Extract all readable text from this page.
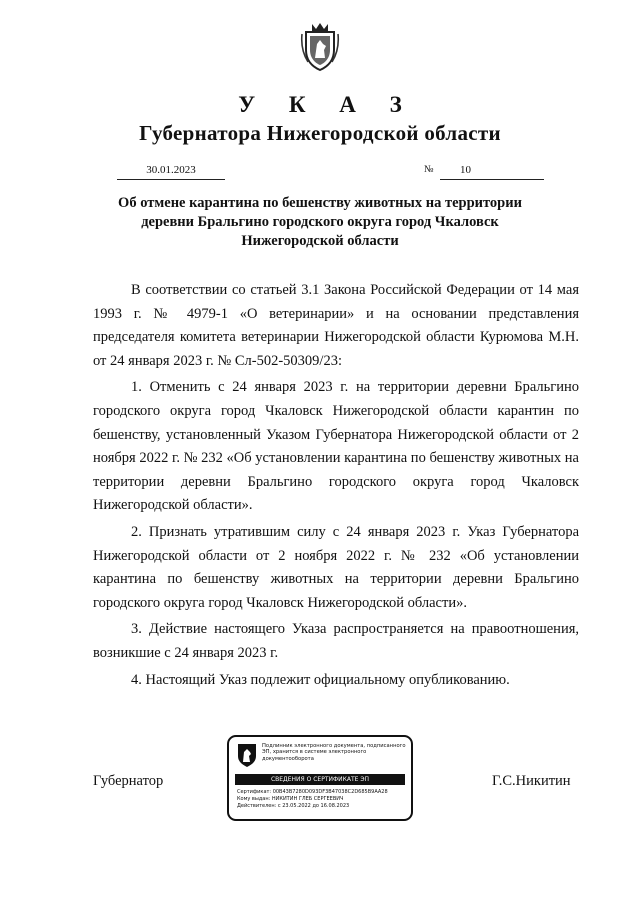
У К А З
Губернатора Нижегородской области
30.01.2023	№	10
Об отмене карантина по бешенству животных на территории деревни Бральгино городского округа город Чкаловск Нижегородской области

В соответствии со статьей 3.1 Закона Российской Федерации от 14 мая 1993 г. № 4979-1 «О ветеринарии» и на основании представления председателя комитета ветеринарии Нижегородской области Курюмова М.Н. от 24 января 2023 г. № Сл-502-50309/23:

1. Отменить с 24 января 2023 г. на территории деревни Бральгино городского округа город Чкаловск Нижегородской области карантин по бешенству, установленный Указом Губернатора Нижегородской области от 2 ноября 2022 г. № 232 «Об установлении карантина по бешенству животных на территории деревни Бральгино городского округа город Чкаловск Нижегородской области».

2. Признать утратившим силу с 24 января 2023 г. Указ Губернатора Нижегородской области от 2 ноября 2022 г. № 232 «Об установлении карантина по бешенству животных на территории деревни Бральгино городского округа город Чкаловск Нижегородской области».

3. Действие настоящего Указа распространяется на правоотношения, возникшие с 24 января 2023 г.

4. Настоящий Указ подлежит официальному опубликованию.

Губернатор	Г.С.Никитин
Подлинник электронного документа, подписанного ЭП, хранится в системе электронного документооборота
СВЕДЕНИЯ О СЕРТИФИКАТЕ ЭП
Сертификат: 00B43B7280D093DF3B47038C2D685B9AA28
Кому выдан: НИКИТИН ГЛЕБ СЕРГЕЕВИЧ
Действителен: с 23.05.2022 до 16.08.2023
